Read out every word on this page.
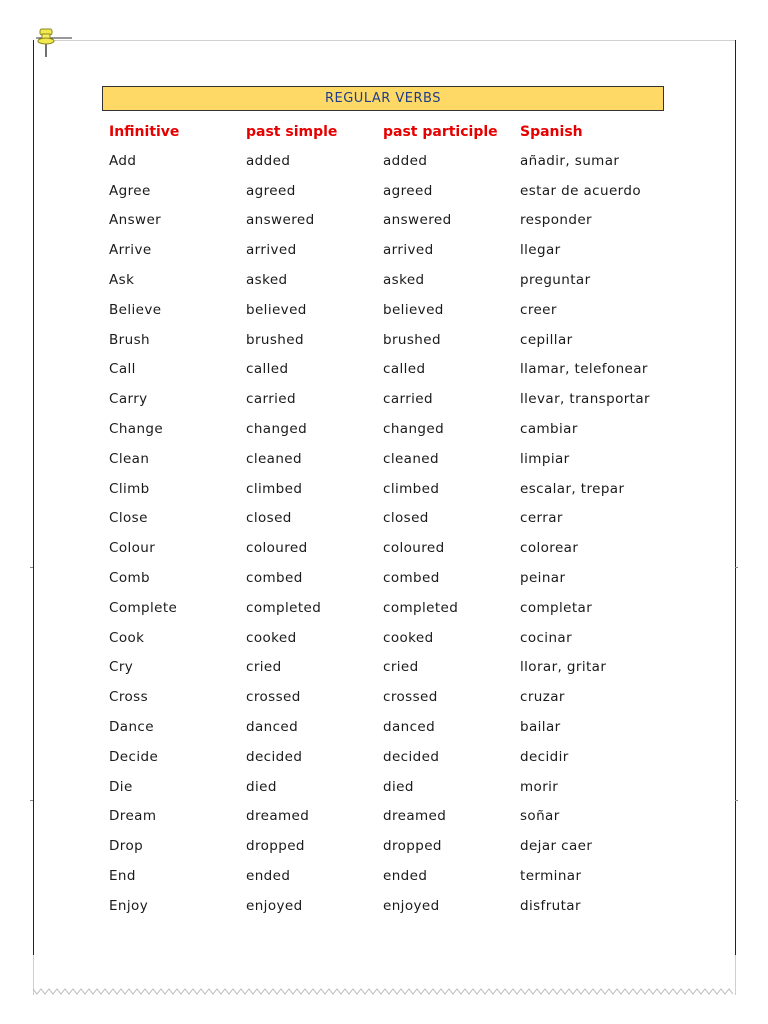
REGULAR VERBS
Infinitive	past simple	past participle	Spanish
Add	added	added	añadir, sumar
Agree	agreed	agreed	estar de acuerdo
Answer	answered	answered	responder
Arrive	arrived	arrived	llegar
Ask	asked	asked	preguntar
Believe	believed	believed	creer
Brush	brushed	brushed	cepillar
Call	called	called	llamar, telefonear
Carry	carried	carried	llevar, transportar
Change	changed	changed	cambiar
Clean	cleaned	cleaned	limpiar
Climb	climbed	climbed	escalar, trepar
Close	closed	closed	cerrar
Colour	coloured	coloured	colorear
Comb	combed	combed	peinar
Complete	completed	completed	completar
Cook	cooked	cooked	cocinar
Cry	cried	cried	llorar, gritar
Cross	crossed	crossed	cruzar
Dance	danced	danced	bailar
Decide	decided	decided	decidir
Die	died	died	morir
Dream	dreamed	dreamed	soñar
Drop	dropped	dropped	dejar caer
End	ended	ended	terminar
Enjoy	enjoyed	enjoyed	disfrutar
